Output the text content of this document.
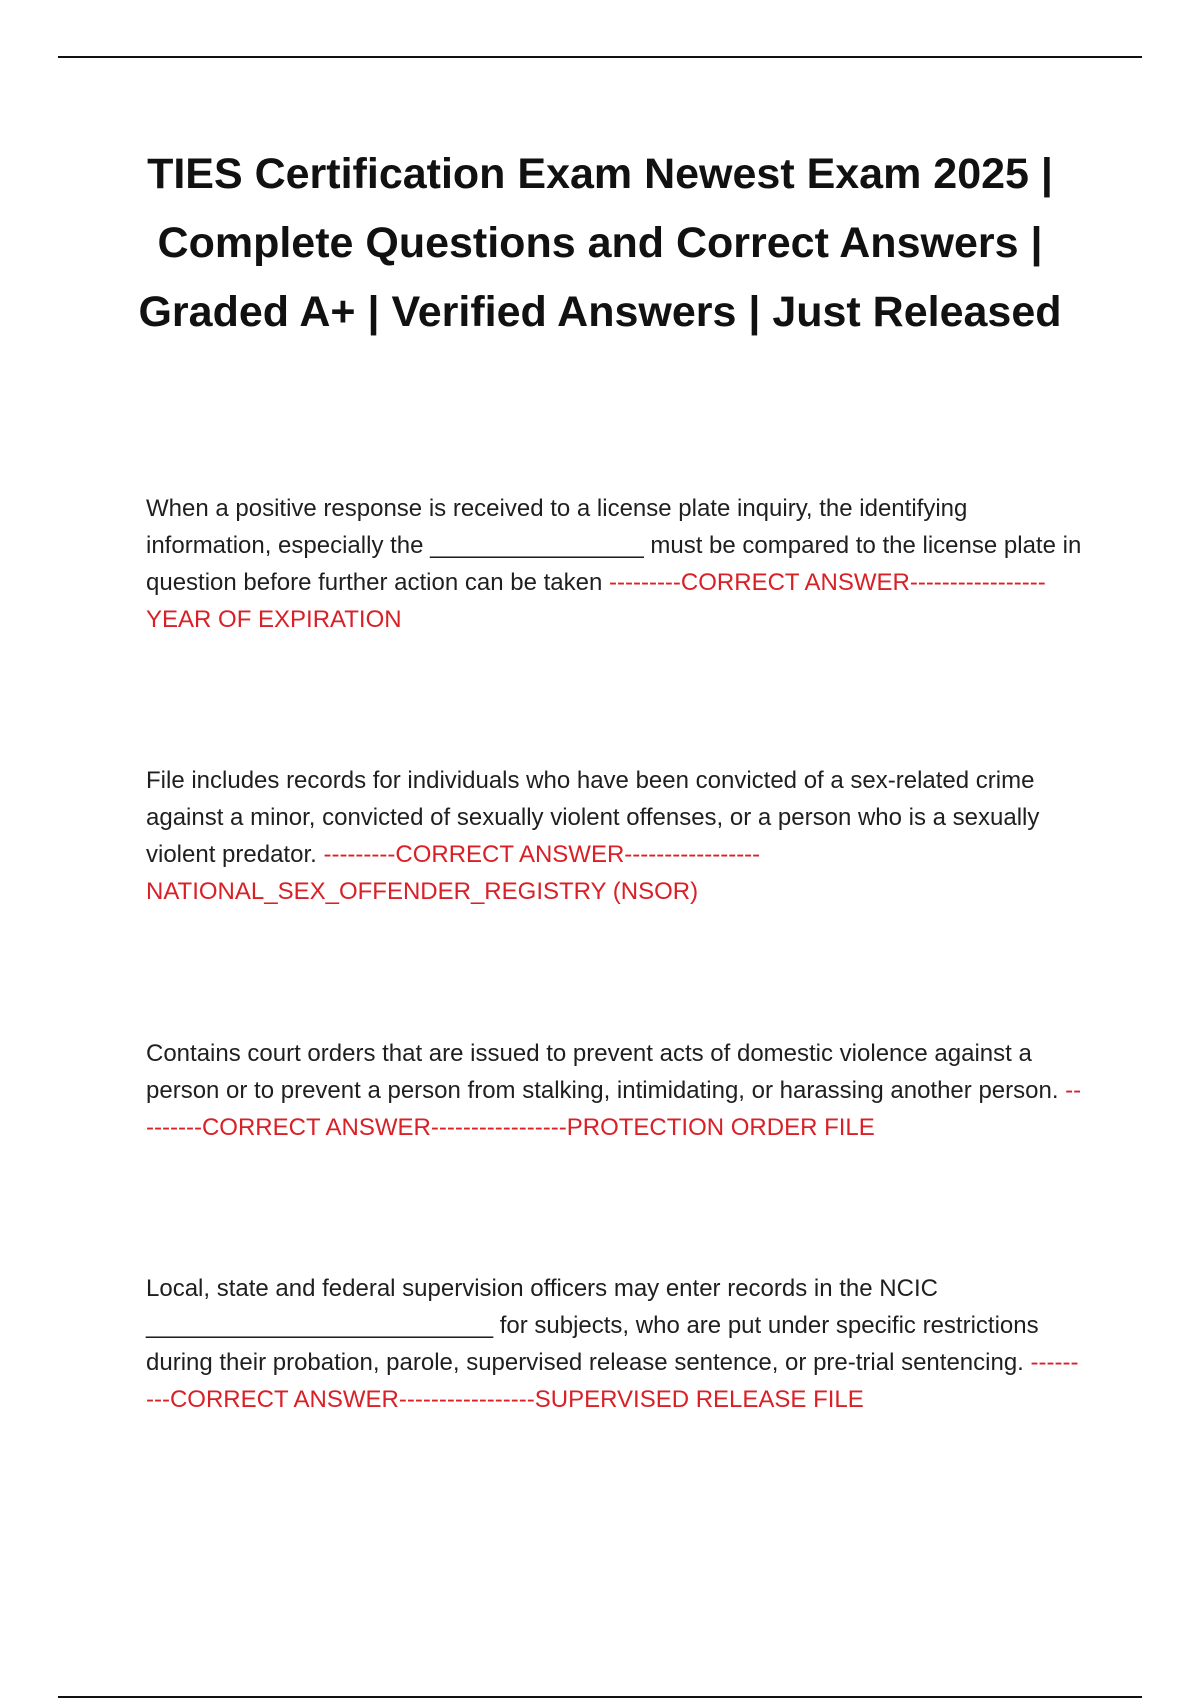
TIES Certification Exam Newest Exam 2025 | Complete Questions and Correct Answers | Graded A+ | Verified Answers | Just Released

When a positive response is received to a license plate inquiry, the identifying information, especially the ________________ must be compared to the license plate in question before further action can be taken ---------CORRECT ANSWER-----------------YEAR OF EXPIRATION

File includes records for individuals who have been convicted of a sex-related crime against a minor, convicted of sexually violent offenses, or a person who is a sexually violent predator. ---------CORRECT ANSWER----------------- NATIONAL_SEX_OFFENDER_REGISTRY (NSOR)

Contains court orders that are issued to prevent acts of domestic violence against a person or to prevent a person from stalking, intimidating, or harassing another person. ---------CORRECT ANSWER-----------------PROTECTION ORDER FILE

Local, state and federal supervision officers may enter records in the NCIC __________________________ for subjects, who are put under specific restrictions during their probation, parole, supervised release sentence, or pre-trial sentencing. ---------CORRECT ANSWER-----------------SUPERVISED RELEASE FILE
